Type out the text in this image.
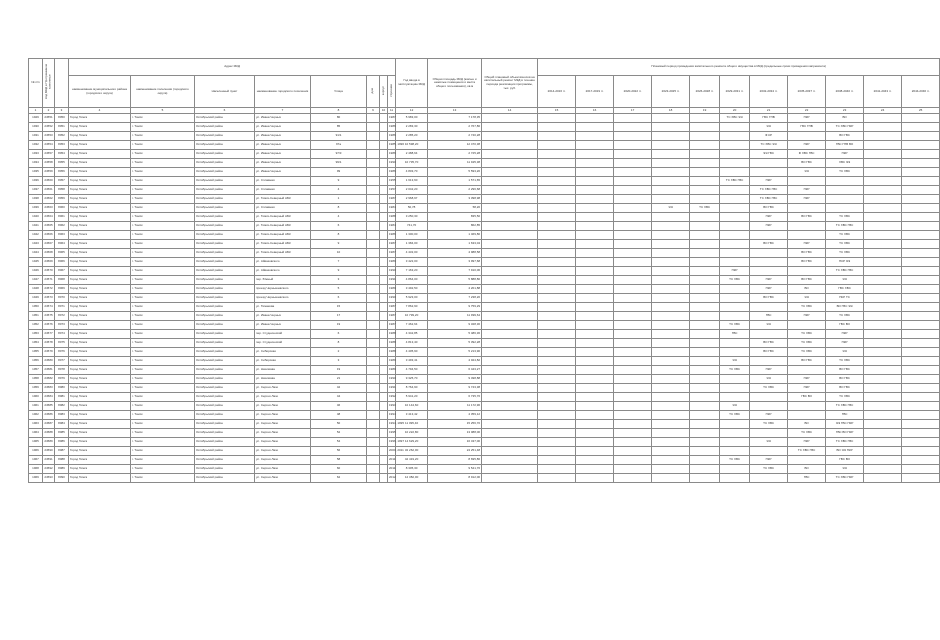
№ п/п	Код МКД в Программном комплексе		Адрес МКД								Год ввода в эксплуатацию МКД	Общая площадь МКД (жилые и нежилые помещения и места общего пользования), кв.м	Общий плановый объем взносов на капитальный ремонт МКД в течение периода реализации программы, тыс. руб.	Плановый период проведения капитального ремонта общего имущества в МКД (предельные сроки проведения капремонта)										
			наименование муниципального района (городского округа)	наименование поселения (городского округа)	Населенный пункт	наименование городского поселения	Улица	дом	корпус	строение				2014-2016 гг.	2017-2019 гг.	2020-2022 гг.	2023-2025 гг.	2026-2028 гг.	2029-2031 гг.	2032-2034 гг.	2035-2037 гг.	2038-2040 гг.	2041-2043 гг.	2044-2046 гг.
1	2	3	4	5	6	7	8	9	10	11	12	13	14	15	16	17	18	19	20	21	22	23	24	25
1929	24551	8050	Город Томск	г. Томск	Октябрьский район	ул. Ивана Черных	80			1987	5 983,00	7 178,35							ТС ХВС ЭЭ	ГВС ГПВ	ПКР	ВО		
1930	24552	8051	Город Томск	г. Томск	Октябрьский район	ул. Ивана Черных	85			1986	2 283,30	2 767,86								ЭЭ	ГВС ГПВ	ТС ХВС ПКР		
1931	24553	8052	Город Томск	г. Томск	Октябрьский район	ул. Ивана Черных	91/1			1986	2 285,20	2 740,28								Ф КР		ВО ГВС		
1932	24554	8053	Город Томск	г. Томск	Октябрьский район	ул. Ивана Черных	97а			1985, 1996	10 598,20	12 470,38								ТС ХВС ЭЭ	ПКР	ГВС ГПВ ВО		
1933	24557	8054	Город Томск	г. Томск	Октябрьский район	ул. Ивана Черных	97/3			1986	2 488,64	2 725,28								ЭЭ ГВС	Ф ХВС ГВС	ПКР		
1934	24558	8055	Город Томск	г. Томск	Октябрьский район	ул. Ивана Черных	99/1			1990	10 735,70	11 925,38									ВО ГВС	ХВС ЭЭ		
1935	24559	8056	Город Томск	г. Томск	Октябрьский район	ул. Ивана Черных	99			1986	4 803,70	5 593,20									ЭЭ	ТС ХВС		
1936	24560	8057	Город Томск	г. Томск	Октябрьский район	ул. Сплавная	9			1955	1 613,60	1 571,65							ТС ХВС ГВС	ПКР				
1937	24561	8058	Город Томск	г. Томск	Октябрьский район	ул. Сплавная	4			1957	2 042,20	2 296,68								ТС ХВС ГВС	ПКР			
1938	24562	8059	Город Томск	г. Томск	Октябрьский район	ул. Томск-Северный АБК	1			1987	2 968,97	3 398,98								ТС ХВС ГВС	ПКР			
1939	24563	8060	Город Томск	г. Томск	Октябрьский район	ул. Сплавная	8			1984	50,78	58,20					ЭЭ	ТС ХВС		ВО ГВС				
1940	24564	8061	Город Томск	г. Томск	Октябрьский район	ул. Томск-Северный АБК	4			1988	3 250,30	835,50								ПКР	ВО ГВС	ТС ХВС		
1941	24565	8062	Город Томск	г. Томск	Октябрьский район	ул. Томск-Северный АБК	6			1984	741,70	862,85								ПКР		ТС ХВС ГВС		
1942	24566	8063	Город Томск	г. Томск	Октябрьский район	ул. Томск-Северный АБК	8			1986	1 300,00	1 469,80										ТС ХВС		
1943	24567	8064	Город Томск	г. Томск	Октябрьский район	ул. Томск-Северный АБК	9			1987	1 384,00	1 633,04								ВО ГВС	ПКР	ТС ХВС		
1944	24568	8065	Город Томск	г. Томск	Октябрьский район	ул. Томск-Северный АБК	10			1987	4 432,00	4 988,58									ВО ГВС	ТС ХВС		
1945	24569	8066	Город Томск	г. Томск	Октябрьский район	ул. Айвазовского	7			1989	3 422,00	3 997,68									ВО ГВС	ПКР ЭЭ		
1946	24570	8067	Город Томск	г. Томск	Октябрьский район	ул. Айвазовского	9			1990	7 163,20	7 910,06							ПКР			ТС ХВС ГВС		
1947	24571	8068	Город Томск	г. Томск	Октябрьский район	пер. Южный	3			1991	4 864,00	5 888,80							ТС ХВС	ПКР	ВО ГВС	ЭЭ		
1948	24572	8069	Город Томск	г. Томск	Октябрьский район	проезд Чернышевского	5			1989	3 492,50	4 201,88								ПКР	ВО	ГВС ХВС		
1949	24573	8070	Город Томск	г. Томск	Октябрьский район	проезд Чернышевского	6			1990	5 923,00	7 238,20								ВО ГВС	ЭЭ	ПКР ТС		
1950	24574	8071	Город Томск	г. Томск	Октябрьский район	ул. Тимакова	15			1987	7 862,90	9 759,29									ТС ХВС	ВО ГВС ЭЭ		
1951	24575	8072	Город Томск	г. Томск	Октябрьский район	ул. Ивана Черных	17			1987	10 799,20	11 999,64								ГВС	ПКР	ТС ХВС		
1952	24576	8073	Город Томск	г. Томск	Октябрьский район	ул. Ивана Черных	19			1987	7 462,64	9 328,30							ТС ХВС	ЭЭ		ГВС ВО		
1953	24577	8074	Город Томск	г. Томск	Октябрьский район	пер. Студенческий	6			1988	4 342,85	5 486,36							ГВС		ТС ХВС	ПКР		
1954	24578	8075	Город Томск	г. Томск	Октябрьский район	пер. Студенческий	8			1988	4 813,40	5 392,28								ВО ГВС	ТС ХВС	ПКР		
1955	24579	8076	Город Томск	г. Томск	Октябрьский район	ул. Сибирская	2			1988	4 405,90	5 213,90								ВО ГВС	ТС ХВС	ЭЭ		
1956	24580	8077	Город Томск	г. Томск	Октябрьский район	ул. Сибирская	3			1989	3 493,41	4 024,82							ЭЭ		ВО ГВС	ТС ХВС		
1957	24581	8078	Город Томск	г. Томск	Октябрьский район	ул. Нахимова	19			1989	4 794,50	6 443,27							ТС ХВС	ПКР		ВО ГВС		
1958	24582	8079	Город Томск	г. Томск	Октябрьский район	ул. Нахимова	21			1990	9 325,70	9 498,88								ЭЭ	ПКР	ВО ГВС		
1959	24583	8080	Город Томск	г. Томск	Октябрьский район	ул. Сергея Лазо	42			1991	8 764,90	9 743,38								ТС ХВС	ПКР	ВО ГВС		
1960	24584	8081	Город Томск	г. Томск	Октябрьский район	ул. Сергея Лазо	44			1992	5 941,20	6 735,76									ГВС ВО	ТС ХВС		
1961	24585	8082	Город Томск	г. Томск	Октябрьский район	ул. Сергея Лазо	46			1993	10 144,60	11 172,96							ЭЭ			ТС ХВС ГВС		
1962	24586	8083	Город Томск	г. Томск	Октябрьский район	ул. Сергея Лазо	48			1994	3 413,42	4 359,12							ТС ХВС	ПКР		ГВС		
1963	24587	8084	Город Томск	г. Томск	Октябрьский район	ул. Сергея Лазо	50			1994, 1995	11 095,40	15 256,70								ТС ХВС	ВО	ЭЭ ГВС ПКР		
1964	24588	8085	Город Томск	г. Томск	Октябрьский район	ул. Сергея Лазо	52			1995	10 222,80	13 088,00									ТС ХВС	ГВС ВО ПКР		
1965	24589	8086	Город Томск	г. Томск	Октябрьский район	ул. Сергея Лазо	54			1996, 1997	14 629,20	16 437,00								ЭЭ	ПКР	ТС ХВС ГВС		
1966	24590	8087	Город Томск	г. Томск	Октябрьский район	ул. Сергея Лазо	56			2000, 2011	32 262,00	24 251,48									ТС ХВС ГВС	ВО ЭЭ ПКР		
1967	24591	8088	Город Томск	г. Томск	Октябрьский район	ул. Сергея Лазо	58			2011	42 419,20	8 695,86							ТС ХВС	ПКР		ГВС ВО		
1968	24592	8089	Город Томск	г. Томск	Октябрьский район	ул. Сергея Лазо	60			2011	8 305,30	9 541,76								ТС ХВС	ВО	ЭЭ		
1969	24593	8090	Город Томск	г. Томск	Октябрьский район	ул. Сергея Лазо	62			2012	12 382,00	8 912,00									ГВС	ТС ХВС ПКР		
